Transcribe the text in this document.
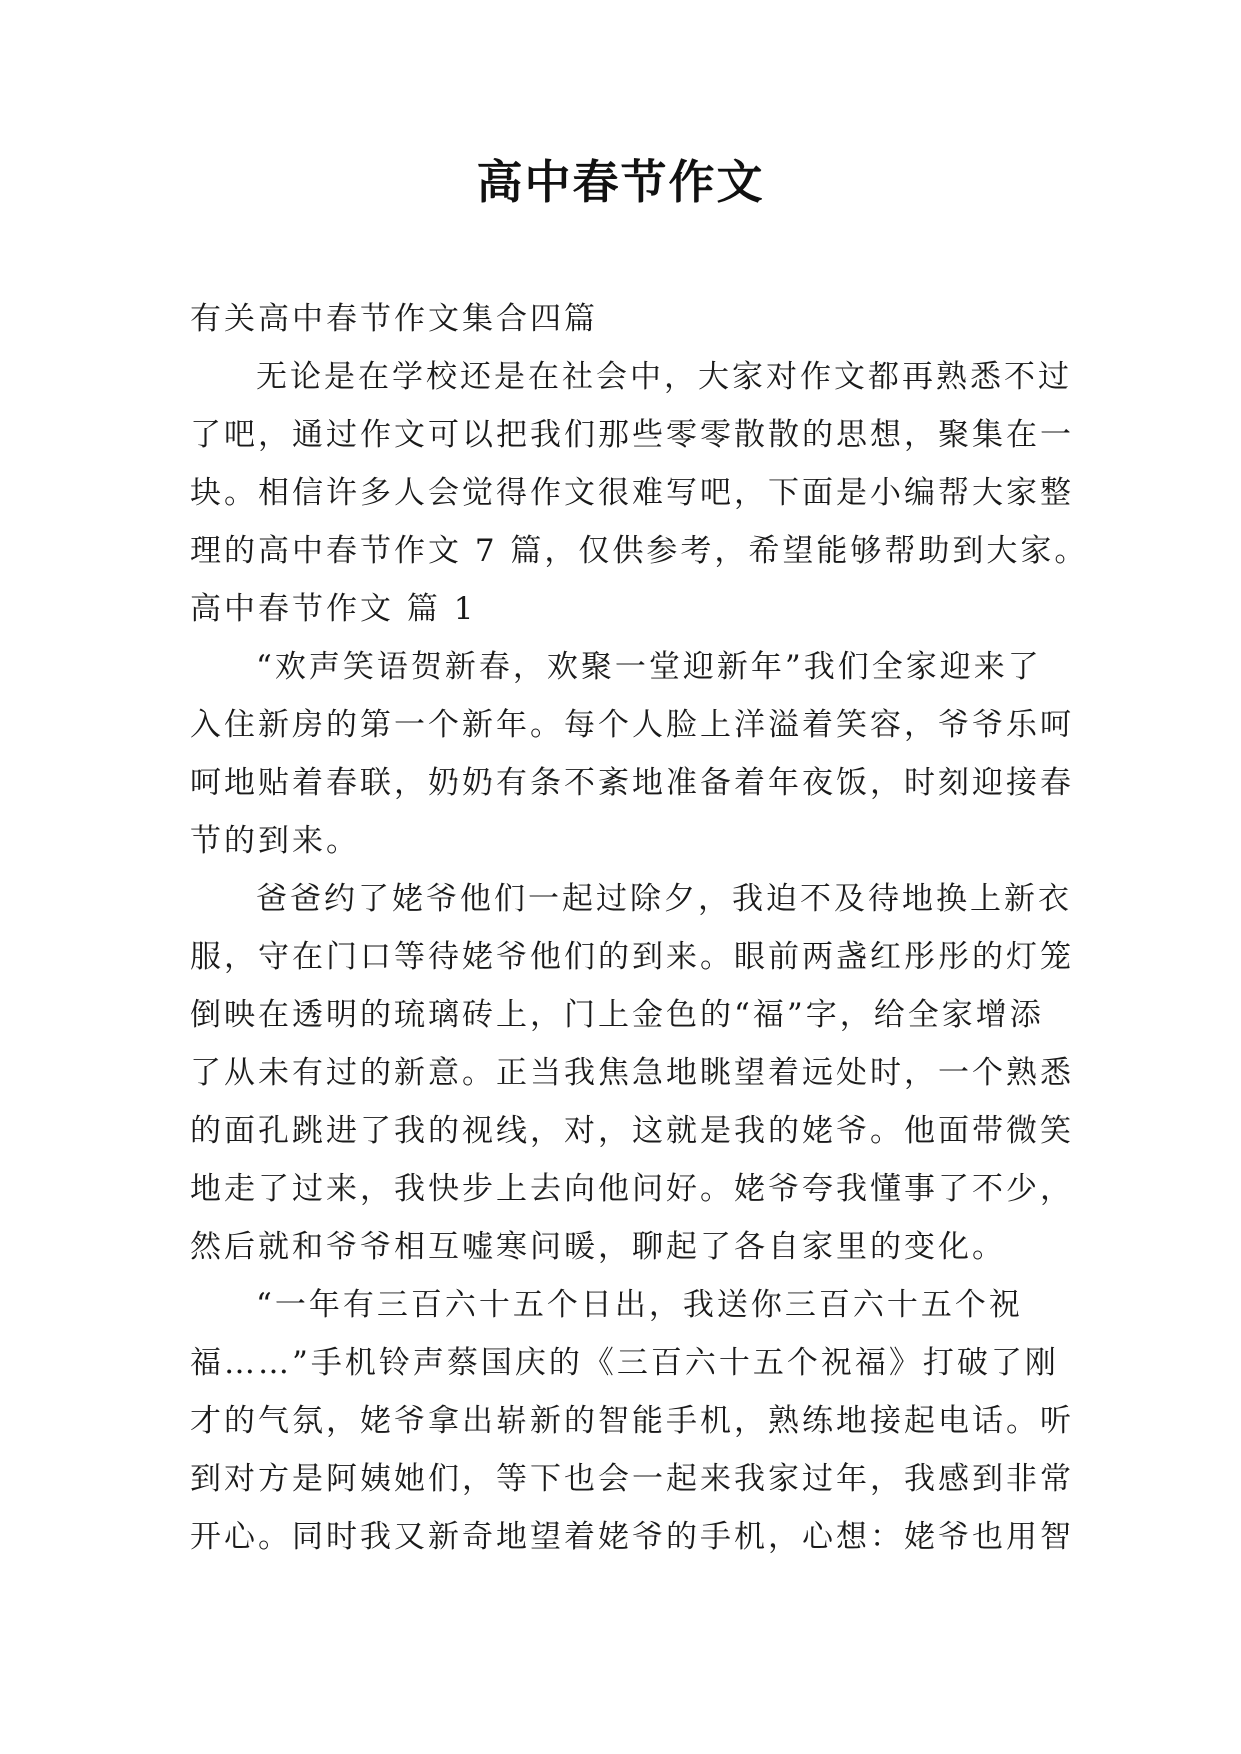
高中春节作文
有关高中春节作文集合四篇
无论是在学校还是在社会中，大家对作文都再熟悉不过
了吧，通过作文可以把我们那些零零散散的思想，聚集在一
块。相信许多人会觉得作文很难写吧，下面是小编帮大家整
理的高中春节作文 7 篇，仅供参考，希望能够帮助到大家。
高中春节作文 篇 1
“欢声笑语贺新春，欢聚一堂迎新年”我们全家迎来了
入住新房的第一个新年。每个人脸上洋溢着笑容，爷爷乐呵
呵地贴着春联，奶奶有条不紊地准备着年夜饭，时刻迎接春
节的到来。
爸爸约了姥爷他们一起过除夕，我迫不及待地换上新衣
服，守在门口等待姥爷他们的到来。眼前两盏红彤彤的灯笼
倒映在透明的琉璃砖上，门上金色的“福”字，给全家增添
了从未有过的新意。正当我焦急地眺望着远处时，一个熟悉
的面孔跳进了我的视线，对，这就是我的姥爷。他面带微笑
地走了过来，我快步上去向他问好。姥爷夸我懂事了不少，
然后就和爷爷相互嘘寒问暖，聊起了各自家里的变化。
“一年有三百六十五个日出，我送你三百六十五个祝
福……”手机铃声蔡国庆的《三百六十五个祝福》打破了刚
才的气氛，姥爷拿出崭新的智能手机，熟练地接起电话。听
到对方是阿姨她们，等下也会一起来我家过年，我感到非常
开心。同时我又新奇地望着姥爷的手机，心想：姥爷也用智
